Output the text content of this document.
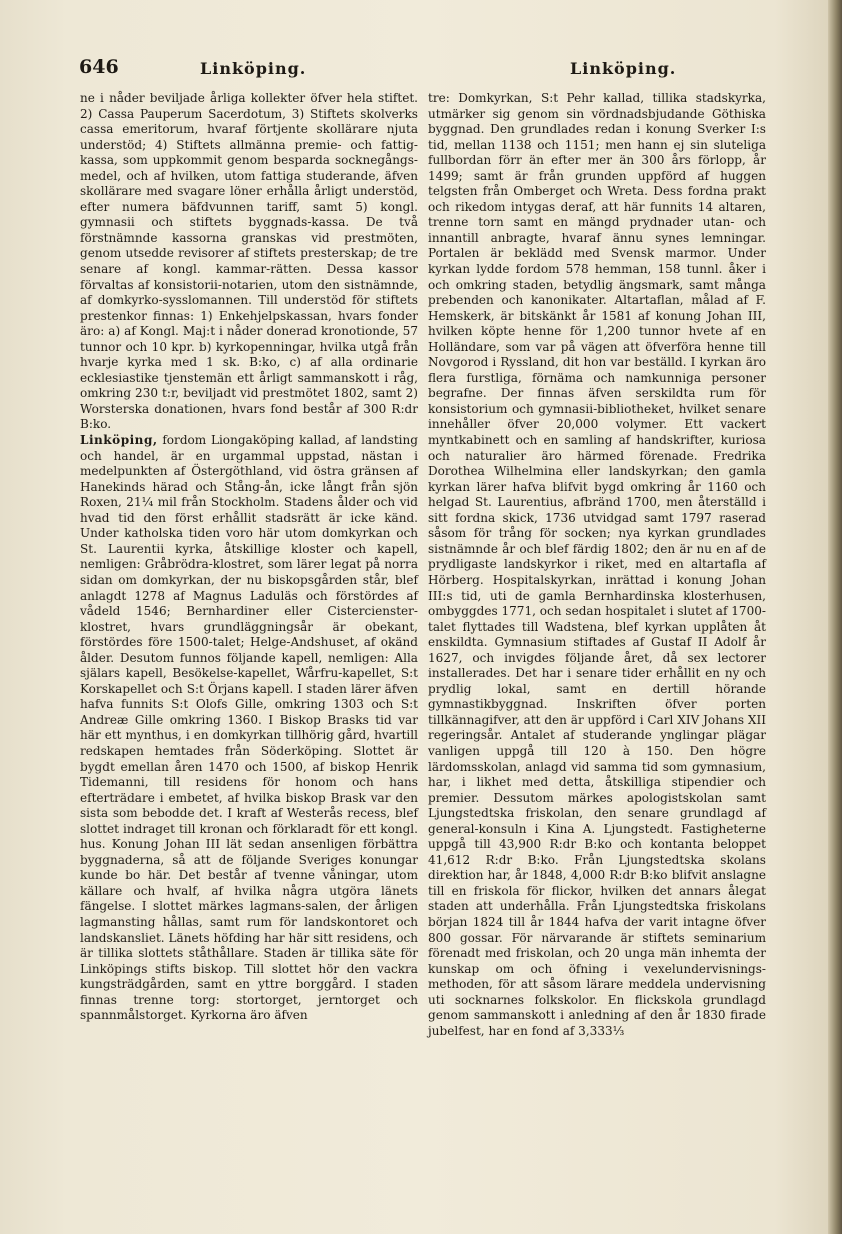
646	Linköping.	Linköping.

ne i nåder beviljade årliga kollekter öfver hela stiftet. 2) Cassa Pauperum Sacerdotum, 3) Stiftets skolverks cassa emeritorum, hvaraf förtjente skollärare njuta understöd; 4) Stiftets allmänna premie- och fattig-kassa, som uppkommit genom besparda socknegångs-medel, och af hvilken, utom fattiga studerande, äfven skollärare med svagare löner erhålla årligt understöd, efter numera bäfdvunnen tariff, samt 5) kongl. gymnasii och stiftets byggnads-kassa. De två förstnämnde kassorna granskas vid prestmöten, genom utsedde revisorer af stiftets presterskap; de tre senare af kongl. kammar-rätten. Dessa kassor förvaltas af konsistorii-notarien, utom den sistnämnde, af domkyrko-sysslomannen. Till understöd för stiftets prestenkor finnas: 1) Enkehjelpskassan, hvars fonder äro: a) af Kongl. Maj:t i nåder donerad kronotionde, 57 tunnor och 10 kpr. b) kyrkopenningar, hvilka utgå från hvarje kyrka med 1 sk. B:ko, c) af alla ordinarie ecklesiastike tjenstemän ett årligt sammanskott i råg, omkring 230 t:r, beviljadt vid prestmötet 1802, samt 2) Worsterska donationen, hvars fond består af 300 R:dr B:ko.

Linköping, fordom Liongaköping kallad, af landsting och handel, är en urgammal uppstad, nästan i medelpunkten af Östergöthland, vid östra gränsen af Hanekinds härad och Stång-ån, icke långt från sjön Roxen, 21¼ mil från Stockholm. Stadens ålder och vid hvad tid den först erhållit stadsrätt är icke känd. Under katholska tiden voro här utom domkyrkan och St. Laurentii kyrka, åtskillige kloster och kapell, nemligen: Gråbrödra-klostret, som lärer legat på norra sidan om domkyrkan, der nu biskopsgården står, blef anlagdt 1278 af Magnus Laduläs och förstördes af vådeld 1546; Bernhardiner eller Cistercienster-klostret, hvars grundläggningsår är obekant, förstördes före 1500-talet; Helge-Andshuset, af okänd ålder. Desutom funnos följande kapell, nemligen: Alla själars kapell, Besökelse-kapellet, Wårfru-kapellet, S:t Korskapellet och S:t Örjans kapell. I staden lärer äfven hafva funnits S:t Olofs Gille, omkring 1303 och S:t Andreæ Gille omkring 1360. I Biskop Brasks tid var här ett mynthus, i en domkyrkan tillhörig gård, hvartill redskapen hemtades från Söderköping. Slottet är bygdt emellan åren 1470 och 1500, af biskop Henrik Tidemanni, till residens för honom och hans efterträdare i embetet, af hvilka biskop Brask var den sista som bebodde det. I kraft af Westerås recess, blef slottet indraget till kronan och förklaradt för ett kongl. hus. Konung Johan III lät sedan ansenligen förbättra byggnaderna, så att de följande Sveriges konungar kunde bo här. Det består af tvenne våningar, utom källare och hvalf, af hvilka några utgöra länets fängelse. I slottet märkes lagmans-salen, der årligen lagmansting hållas, samt rum för landskontoret och landskansliet. Länets höfding har här sitt residens, och är tillika slottets ståthållare. Staden är tillika säte för Linköpings stifts biskop. Till slottet hör den vackra kungsträdgården, samt en yttre borggård. I staden finnas trenne torg: stortorget, jerntorget och spannmålstorget. Kyrkorna äro äfven

tre: Domkyrkan, S:t Pehr kallad, tillika stadskyrka, utmärker sig genom sin vördnadsbjudande Göthiska byggnad. Den grundlades redan i konung Sverker I:s tid, mellan 1138 och 1151; men hann ej sin sluteliga fullbordan förr än efter mer än 300 års förlopp, år 1499; samt är från grunden uppförd af huggen telgsten från Omberget och Wreta. Dess fordna prakt och rikedom intygas deraf, att här funnits 14 altaren, trenne torn samt en mängd prydnader utan- och innantill anbragte, hvaraf ännu synes lemningar. Portalen är beklädd med Svensk marmor. Under kyrkan lydde fordom 578 hemman, 158 tunnl. åker i och omkring staden, betydlig ängsmark, samt många prebenden och kanonikater. Altartaflan, målad af F. Hemskerk, är bitskänkt år 1581 af konung Johan III, hvilken köpte henne för 1,200 tunnor hvete af en Holländare, som var på vägen att öfverföra henne till Novgorod i Ryssland, dit hon var beställd. I kyrkan äro flera furstliga, förnäma och namkunniga personer begrafne. Der finnas äfven serskildta rum för konsistorium och gymnasii-bibliotheket, hvilket senare innehåller öfver 20,000 volymer. Ett vackert myntkabinett och en samling af handskrifter, kuriosa och naturalier äro härmed förenade. Fredrika Dorothea Wilhelmina eller landskyrkan; den gamla kyrkan lärer hafva blifvit bygd omkring år 1160 och helgad St. Laurentius, afbränd 1700, men återställd i sitt fordna skick, 1736 utvidgad samt 1797 raserad såsom för trång för socken; nya kyrkan grundlades sistnämnde år och blef färdig 1802; den är nu en af de prydligaste landskyrkor i riket, med en altartafla af Hörberg. Hospitalskyrkan, inrättad i konung Johan III:s tid, uti de gamla Bernhardinska klosterhusen, ombyggdes 1771, och sedan hospitalet i slutet af 1700-talet flyttades till Wadstena, blef kyrkan upplåten åt enskildta. Gymnasium stiftades af Gustaf II Adolf år 1627, och invigdes följande året, då sex lectorer installerades. Det har i senare tider erhållit en ny och prydlig lokal, samt en dertill hörande gymnastikbyggnad. Inskriften öfver porten tillkännagifver, att den är uppförd i Carl XIV Johans XII regeringsår. Antalet af studerande ynglingar plägar vanligen uppgå till 120 à 150. Den högre lärdomsskolan, anlagd vid samma tid som gymnasium, har, i likhet med detta, åtskilliga stipendier och premier. Dessutom märkes apologistskolan samt Ljungstedtska friskolan, den senare grundlagd af general-konsuln i Kina A. Ljungstedt. Fastigheterne uppgå till 43,900 R:dr B:ko och kontanta beloppet 41,612 R:dr B:ko. Från Ljungstedtska skolans direktion har, år 1848, 4,000 R:dr B:ko blifvit anslagne till en friskola för flickor, hvilken det annars ålegat staden att underhålla. Från Ljungstedtska friskolans början 1824 till år 1844 hafva der varit intagne öfver 800 gossar. För närvarande är stiftets seminarium förenadt med friskolan, och 20 unga män inhemta der kunskap om och öfning i vexelundervisnings-methoden, för att såsom lärare meddela undervisning uti socknarnes folkskolor. En flickskola grundlagd genom sammanskott i anledning af den år 1830 firade jubelfest, har en fond af 3,333⅓
